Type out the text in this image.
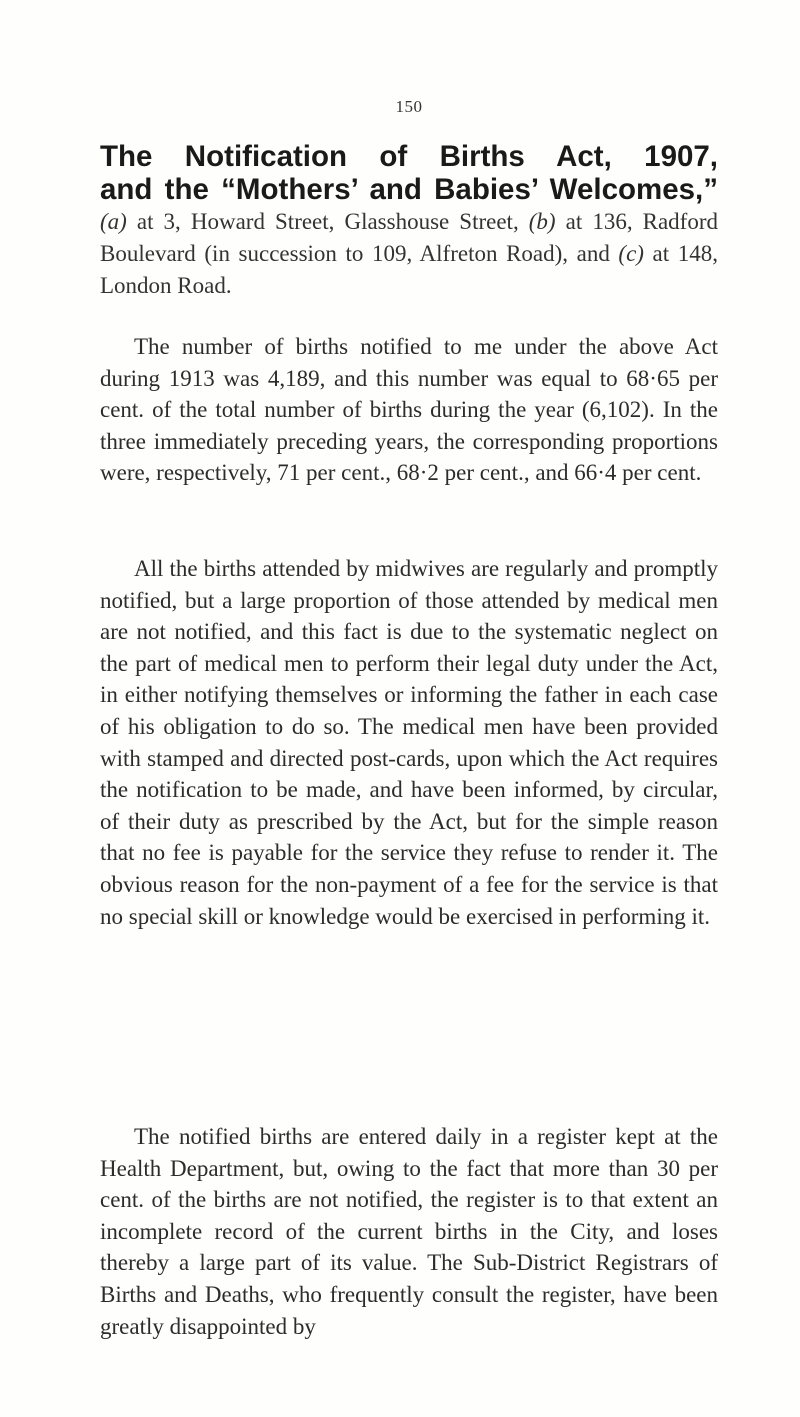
150

The Notification of Births Act, 1907,
and the “Mothers’ and Babies’ Welcomes,”

(a) at 3, Howard Street, Glasshouse Street, (b) at 136, Radford Boulevard (in succession to 109, Alfreton Road), and (c) at 148, London Road.

The number of births notified to me under the above Act during 1913 was 4,189, and this number was equal to 68·65 per cent. of the total number of births during the year (6,102). In the three immediately preceding years, the corresponding proportions were, respectively, 71 per cent., 68·2 per cent., and 66·4 per cent.

All the births attended by midwives are regularly and promptly notified, but a large proportion of those attended by medical men are not notified, and this fact is due to the systematic neglect on the part of medical men to perform their legal duty under the Act, in either notifying themselves or informing the father in each case of his obligation to do so. The medical men have been provided with stamped and directed post-cards, upon which the Act requires the notification to be made, and have been informed, by circular, of their duty as prescribed by the Act, but for the simple reason that no fee is payable for the service they refuse to render it. The obvious reason for the non-payment of a fee for the service is that no special skill or knowledge would be exercised in performing it.

The notified births are entered daily in a register kept at the Health Department, but, owing to the fact that more than 30 per cent. of the births are not notified, the register is to that extent an incomplete record of the current births in the City, and loses thereby a large part of its value. The Sub-District Registrars of Births and Deaths, who frequently consult the register, have been greatly disappointed by
